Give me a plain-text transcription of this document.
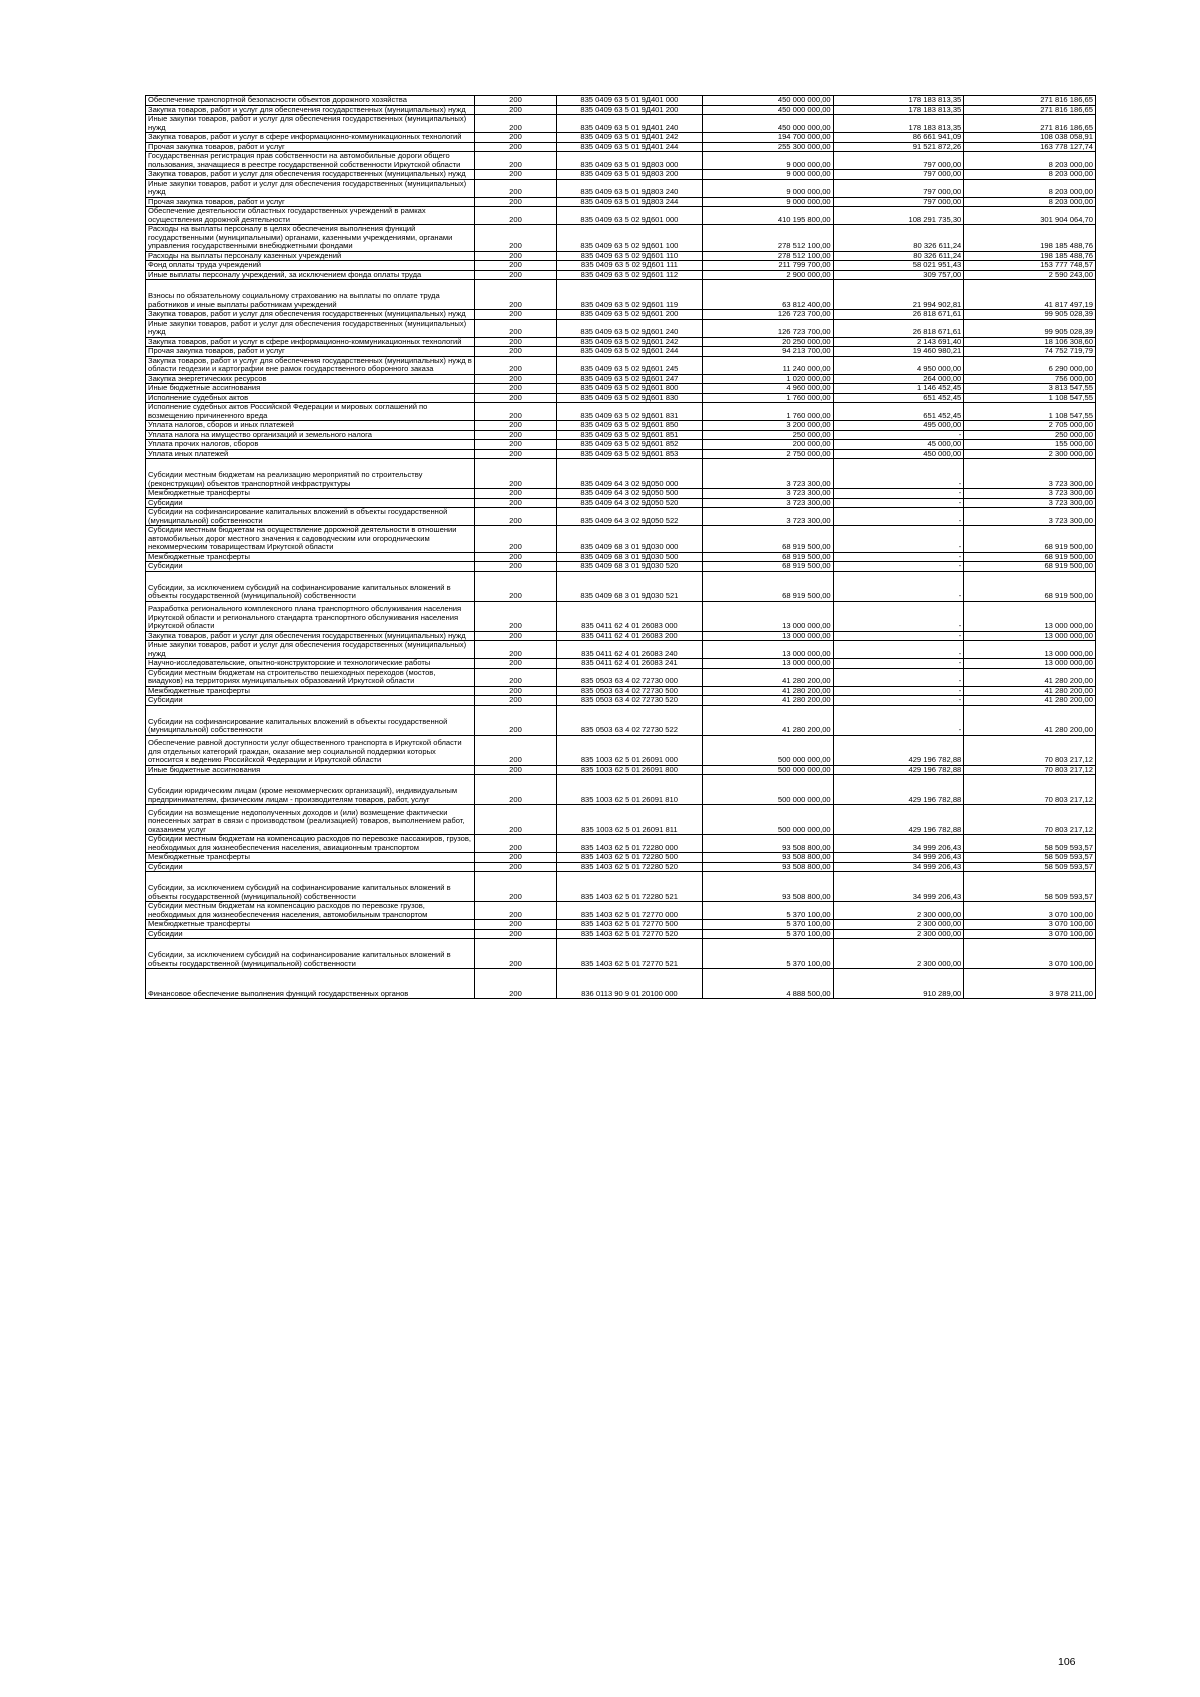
Обеспечение транспортной безопасности объектов дорожного хозяйства	200	835 0409 63 5 01 9Д401 000	450 000 000,00	178 183 813,35	271 816 186,65
Закупка товаров, работ и услуг для обеспечения государственных (муниципальных) нужд	200	835 0409 63 5 01 9Д401 200	450 000 000,00	178 183 813,35	271 816 186,65
Иные закупки товаров, работ и услуг для обеспечения государственных (муниципальных) нужд	200	835 0409 63 5 01 9Д401 240	450 000 000,00	178 183 813,35	271 816 186,65
Закупка товаров, работ и услуг в сфере информационно-коммуникационных технологий	200	835 0409 63 5 01 9Д401 242	194 700 000,00	86 661 941,09	108 038 058,91
Прочая закупка товаров, работ и услуг	200	835 0409 63 5 01 9Д401 244	255 300 000,00	91 521 872,26	163 778 127,74
Государственная регистрация прав собственности на автомобильные дороги общего пользования, значащиеся в реестре государственной собственности Иркутской области	200	835 0409 63 5 01 9Д803 000	9 000 000,00	797 000,00	8 203 000,00
Закупка товаров, работ и услуг для обеспечения государственных (муниципальных) нужд	200	835 0409 63 5 01 9Д803 200	9 000 000,00	797 000,00	8 203 000,00
Иные закупки товаров, работ и услуг для обеспечения государственных (муниципальных) нужд	200	835 0409 63 5 01 9Д803 240	9 000 000,00	797 000,00	8 203 000,00
Прочая закупка товаров, работ и услуг	200	835 0409 63 5 01 9Д803 244	9 000 000,00	797 000,00	8 203 000,00
Обеспечение деятельности областных государственных учреждений в рамках осуществления дорожной деятельности	200	835 0409 63 5 02 9Д601 000	410 195 800,00	108 291 735,30	301 904 064,70
Расходы на выплаты персоналу в целях обеспечения выполнения функций государственными (муниципальными) органами, казенными учреждениями, органами управления государственными внебюджетными фондами	200	835 0409 63 5 02 9Д601 100	278 512 100,00	80 326 611,24	198 185 488,76
Расходы на выплаты персоналу казенных учреждений	200	835 0409 63 5 02 9Д601 110	278 512 100,00	80 326 611,24	198 185 488,76
Фонд оплаты труда учреждений	200	835 0409 63 5 02 9Д601 111	211 799 700,00	58 021 951,43	153 777 748,57
Иные выплаты персоналу учреждений, за исключением фонда оплаты труда	200	835 0409 63 5 02 9Д601 112	2 900 000,00	309 757,00	2 590 243,00
Взносы по обязательному социальному страхованию на выплаты по оплате труда работников и иные выплаты работникам учреждений	200	835 0409 63 5 02 9Д601 119	63 812 400,00	21 994 902,81	41 817 497,19
Закупка товаров, работ и услуг для обеспечения государственных (муниципальных) нужд	200	835 0409 63 5 02 9Д601 200	126 723 700,00	26 818 671,61	99 905 028,39
Иные закупки товаров, работ и услуг для обеспечения государственных (муниципальных) нужд	200	835 0409 63 5 02 9Д601 240	126 723 700,00	26 818 671,61	99 905 028,39
Закупка товаров, работ и услуг в сфере информационно-коммуникационных технологий	200	835 0409 63 5 02 9Д601 242	20 250 000,00	2 143 691,40	18 106 308,60
Прочая закупка товаров, работ и услуг	200	835 0409 63 5 02 9Д601 244	94 213 700,00	19 460 980,21	74 752 719,79
Закупка товаров, работ и услуг для обеспечения государственных (муниципальных) нужд в области геодезии и картографии вне рамок государственного оборонного заказа	200	835 0409 63 5 02 9Д601 245	11 240 000,00	4 950 000,00	6 290 000,00
Закупка энергетических ресурсов	200	835 0409 63 5 02 9Д601 247	1 020 000,00	264 000,00	756 000,00
Иные бюджетные ассигнования	200	835 0409 63 5 02 9Д601 800	4 960 000,00	1 146 452,45	3 813 547,55
Исполнение судебных актов	200	835 0409 63 5 02 9Д601 830	1 760 000,00	651 452,45	1 108 547,55
Исполнение судебных актов Российской Федерации и мировых соглашений по возмещению причиненного вреда	200	835 0409 63 5 02 9Д601 831	1 760 000,00	651 452,45	1 108 547,55
Уплата налогов, сборов и иных платежей	200	835 0409 63 5 02 9Д601 850	3 200 000,00	495 000,00	2 705 000,00
Уплата налога на имущество организаций и земельного налога	200	835 0409 63 5 02 9Д601 851	250 000,00	-	250 000,00
Уплата прочих налогов, сборов	200	835 0409 63 5 02 9Д601 852	200 000,00	45 000,00	155 000,00
Уплата иных платежей	200	835 0409 63 5 02 9Д601 853	2 750 000,00	450 000,00	2 300 000,00
Субсидии местным бюджетам на реализацию мероприятий по строительству (реконструкции) объектов транспортной инфраструктуры	200	835 0409 64 3 02 9Д050 000	3 723 300,00	-	3 723 300,00
Межбюджетные трансферты	200	835 0409 64 3 02 9Д050 500	3 723 300,00	-	3 723 300,00
Субсидии	200	835 0409 64 3 02 9Д050 520	3 723 300,00	-	3 723 300,00
Субсидии на софинансирование капитальных вложений в объекты государственной (муниципальной) собственности	200	835 0409 64 3 02 9Д050 522	3 723 300,00	-	3 723 300,00
Субсидии местным бюджетам на осуществление дорожной деятельности в отношении автомобильных дорог местного значения к садоводческим или огородническим некоммерческим товариществам Иркутской области	200	835 0409 68 3 01 9Д030 000	68 919 500,00	-	68 919 500,00
Межбюджетные трансферты	200	835 0409 68 3 01 9Д030 500	68 919 500,00	-	68 919 500,00
Субсидии	200	835 0409 68 3 01 9Д030 520	68 919 500,00	-	68 919 500,00
Субсидии, за исключением субсидий на софинансирование капитальных вложений в объекты государственной (муниципальной) собственности	200	835 0409 68 3 01 9Д030 521	68 919 500,00	-	68 919 500,00
Разработка регионального комплексного плана транспортного обслуживания населения Иркутской области и регионального стандарта транспортного обслуживания населения Иркутской области	200	835 0411 62 4 01 26083 000	13 000 000,00	-	13 000 000,00
Закупка товаров, работ и услуг для обеспечения государственных (муниципальных) нужд	200	835 0411 62 4 01 26083 200	13 000 000,00	-	13 000 000,00
Иные закупки товаров, работ и услуг для обеспечения государственных (муниципальных) нужд	200	835 0411 62 4 01 26083 240	13 000 000,00	-	13 000 000,00
Научно-исследовательские, опытно-конструкторские и технологические работы	200	835 0411 62 4 01 26083 241	13 000 000,00	-	13 000 000,00
Субсидии местным бюджетам на строительство пешеходных переходов (мостов, виадуков) на территориях муниципальных образований Иркутской области	200	835 0503 63 4 02 72730 000	41 280 200,00	-	41 280 200,00
Межбюджетные трансферты	200	835 0503 63 4 02 72730 500	41 280 200,00	-	41 280 200,00
Субсидии	200	835 0503 63 4 02 72730 520	41 280 200,00	-	41 280 200,00
Субсидии на софинансирование капитальных вложений в объекты государственной (муниципальной) собственности	200	835 0503 63 4 02 72730 522	41 280 200,00	-	41 280 200,00
Обеспечение равной доступности услуг общественного транспорта в Иркутской области для отдельных категорий граждан, оказание мер социальной поддержки которых относится к ведению Российской Федерации и Иркутской области	200	835 1003 62 5 01 26091 000	500 000 000,00	429 196 782,88	70 803 217,12
Иные бюджетные ассигнования	200	835 1003 62 5 01 26091 800	500 000 000,00	429 196 782,88	70 803 217,12
Субсидии юридическим лицам (кроме некоммерческих организаций), индивидуальным предпринимателям, физическим лицам - производителям товаров, работ, услуг	200	835 1003 62 5 01 26091 810	500 000 000,00	429 196 782,88	70 803 217,12
Субсидии на возмещение недополученных доходов и (или) возмещение фактически понесенных затрат в связи с производством (реализацией) товаров, выполнением работ, оказанием услуг	200	835 1003 62 5 01 26091 811	500 000 000,00	429 196 782,88	70 803 217,12
Субсидии местным бюджетам на компенсацию расходов по перевозке пассажиров, грузов, необходимых для жизнеобеспечения населения, авиационным транспортом	200	835 1403 62 5 01 72280 000	93 508 800,00	34 999 206,43	58 509 593,57
Межбюджетные трансферты	200	835 1403 62 5 01 72280 500	93 508 800,00	34 999 206,43	58 509 593,57
Субсидии	200	835 1403 62 5 01 72280 520	93 508 800,00	34 999 206,43	58 509 593,57
Субсидии, за исключением субсидий на софинансирование капитальных вложений в объекты государственной (муниципальной) собственности	200	835 1403 62 5 01 72280 521	93 508 800,00	34 999 206,43	58 509 593,57
Субсидии местным бюджетам на компенсацию расходов по перевозке грузов, необходимых для жизнеобеспечения населения, автомобильным транспортом	200	835 1403 62 5 01 72770 000	5 370 100,00	2 300 000,00	3 070 100,00
Межбюджетные трансферты	200	835 1403 62 5 01 72770 500	5 370 100,00	2 300 000,00	3 070 100,00
Субсидии	200	835 1403 62 5 01 72770 520	5 370 100,00	2 300 000,00	3 070 100,00
Субсидии, за исключением субсидий на софинансирование капитальных вложений в объекты государственной (муниципальной) собственности	200	835 1403 62 5 01 72770 521	5 370 100,00	2 300 000,00	3 070 100,00
Финансовое обеспечение выполнения функций государственных органов	200	836 0113 90 9 01 20100 000	4 888 500,00	910 289,00	3 978 211,00
106
